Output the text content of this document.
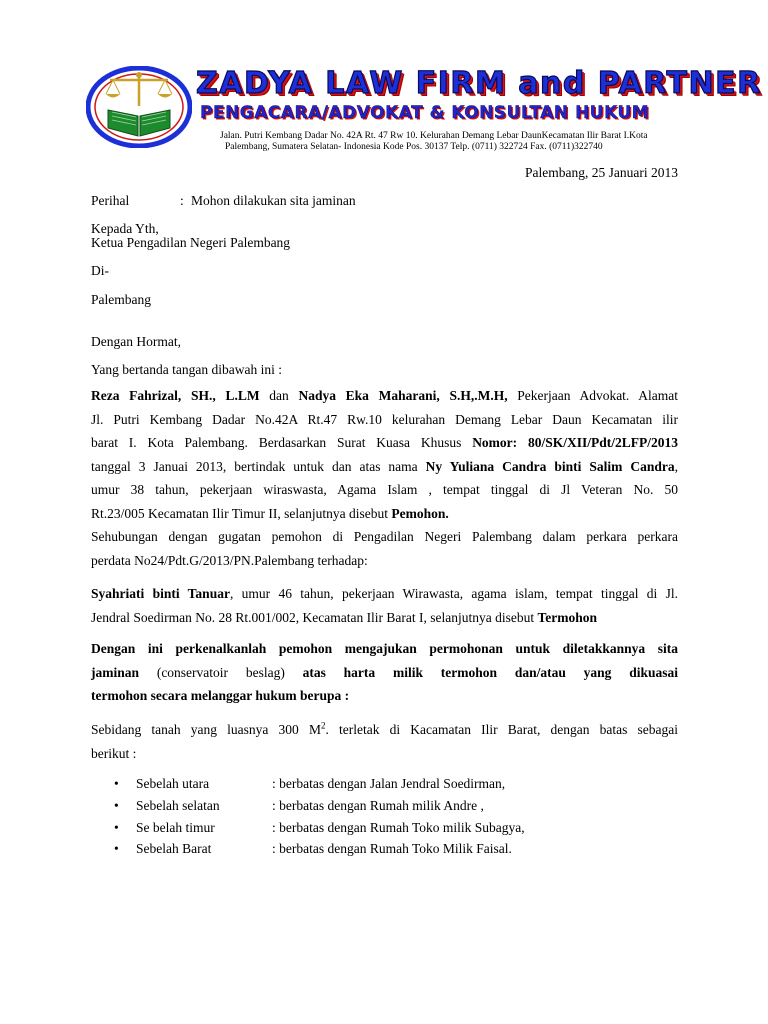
ZADYA LAW FIRM and PARTNER
PENGACARA/ADVOKAT & KONSULTAN HUKUM
Jalan. Putri Kembang Dadar No. 42A Rt. 47 Rw 10. Kelurahan Demang Lebar DaunKecamatan Ilir Barat I.Kota
Palembang, Sumatera Selatan- Indonesia Kode Pos. 30137 Telp. (0711) 322724 Fax. (0711)322740
Palembang, 25 Januari 2013
Perihal	: Mohon dilakukan sita jaminan
Kepada Yth,
Ketua Pengadilan Negeri Palembang
Di-
Palembang
Dengan Hormat,
Yang bertanda tangan dibawah ini :
Reza Fahrizal, SH., L.LM dan Nadya Eka Maharani, S.H,.M.H, Pekerjaan Advokat. Alamat
Jl. Putri Kembang Dadar No.42A Rt.47 Rw.10 kelurahan Demang Lebar Daun Kecamatan ilir
barat I. Kota Palembang. Berdasarkan Surat Kuasa Khusus Nomor: 80/SK/XII/Pdt/2LFP/2013
tanggal 3 Januai 2013, bertindak untuk dan atas nama Ny Yuliana Candra binti Salim Candra,
umur 38 tahun, pekerjaan wiraswasta, Agama Islam , tempat tinggal di Jl Veteran No. 50
Rt.23/005 Kecamatan Ilir Timur II, selanjutnya disebut Pemohon.
Sehubungan dengan gugatan pemohon di Pengadilan Negeri Palembang dalam perkara perkara
perdata No24/Pdt.G/2013/PN.Palembang terhadap:
Syahriati binti Tanuar, umur 46 tahun, pekerjaan Wirawasta, agama islam, tempat tinggal di Jl.
Jendral Soedirman No. 28 Rt.001/002, Kecamatan Ilir Barat I, selanjutnya disebut Termohon
Dengan ini perkenalkanlah pemohon mengajukan permohonan untuk diletakkannya sita
jaminan (conservatoir beslag) atas harta milik termohon dan/atau yang dikuasai
termohon secara melanggar hukum berupa :
Sebidang tanah yang luasnya 300 $M^2$. terletak di Kacamatan Ilir Barat, dengan batas sebagai
berikut :
• Sebelah utara	: berbatas dengan Jalan Jendral Soedirman,
• Sebelah selatan	: berbatas dengan Rumah milik Andre ,
• Se belah timur	: berbatas dengan Rumah Toko milik Subagya,
• Sebelah Barat	: berbatas dengan Rumah Toko Milik Faisal.
